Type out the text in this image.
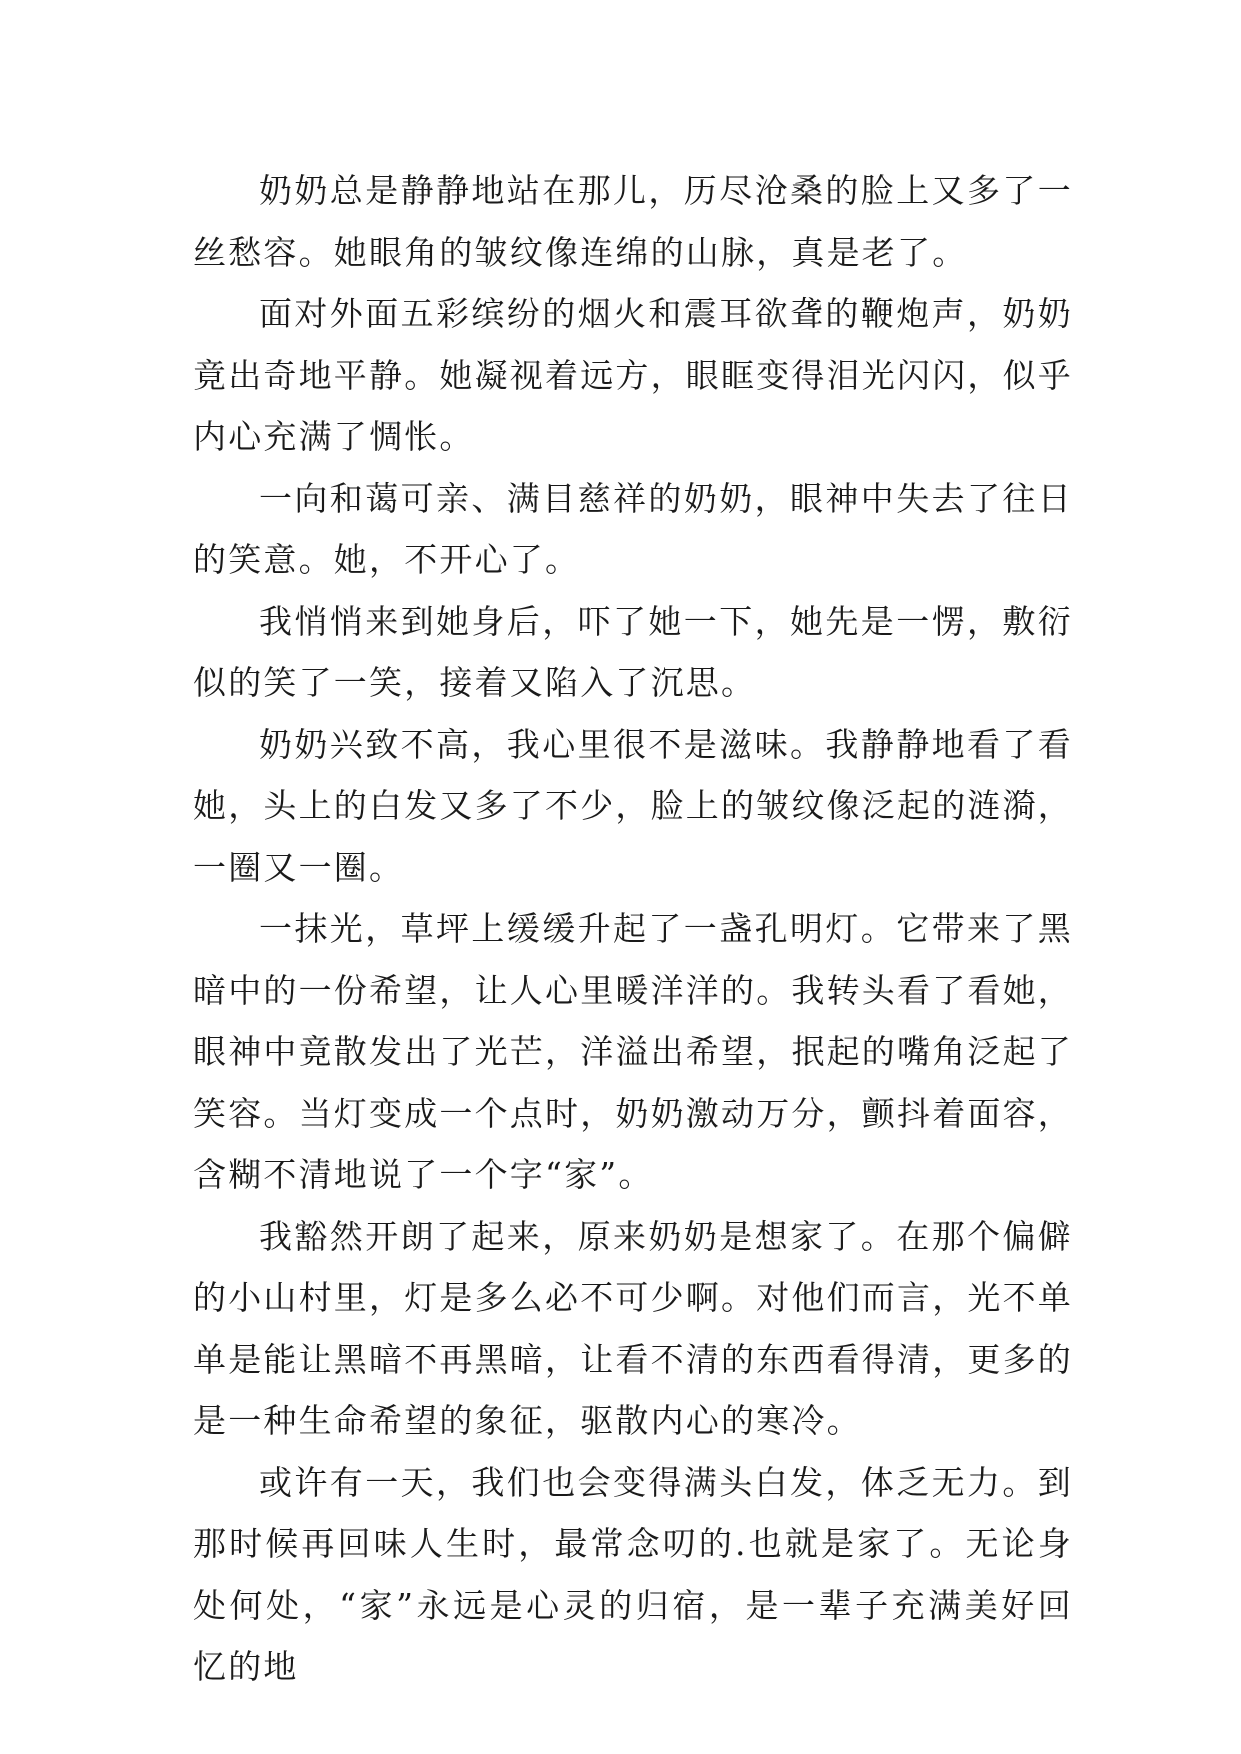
奶奶总是静静地站在那儿，历尽沧桑的脸上又多了一丝愁容。她眼角的皱纹像连绵的山脉，真是老了。

面对外面五彩缤纷的烟火和震耳欲聋的鞭炮声，奶奶竟出奇地平静。她凝视着远方，眼眶变得泪光闪闪，似乎内心充满了惆怅。

一向和蔼可亲、满目慈祥的奶奶，眼神中失去了往日的笑意。她，不开心了。

我悄悄来到她身后，吓了她一下，她先是一愣，敷衍似的笑了一笑，接着又陷入了沉思。

奶奶兴致不高，我心里很不是滋味。我静静地看了看她，头上的白发又多了不少，脸上的皱纹像泛起的涟漪，一圈又一圈。

一抹光，草坪上缓缓升起了一盏孔明灯。它带来了黑暗中的一份希望，让人心里暖洋洋的。我转头看了看她，眼神中竟散发出了光芒，洋溢出希望，抿起的嘴角泛起了笑容。当灯变成一个点时，奶奶激动万分，颤抖着面容，含糊不清地说了一个字“家”。

我豁然开朗了起来，原来奶奶是想家了。在那个偏僻的小山村里，灯是多么必不可少啊。对他们而言，光不单单是能让黑暗不再黑暗，让看不清的东西看得清，更多的是一种生命希望的象征，驱散内心的寒冷。

或许有一天，我们也会变得满头白发，体乏无力。到那时候再回味人生时，最常念叨的.也就是家了。无论身处何处，“家”永远是心灵的归宿，是一辈子充满美好回忆的地
